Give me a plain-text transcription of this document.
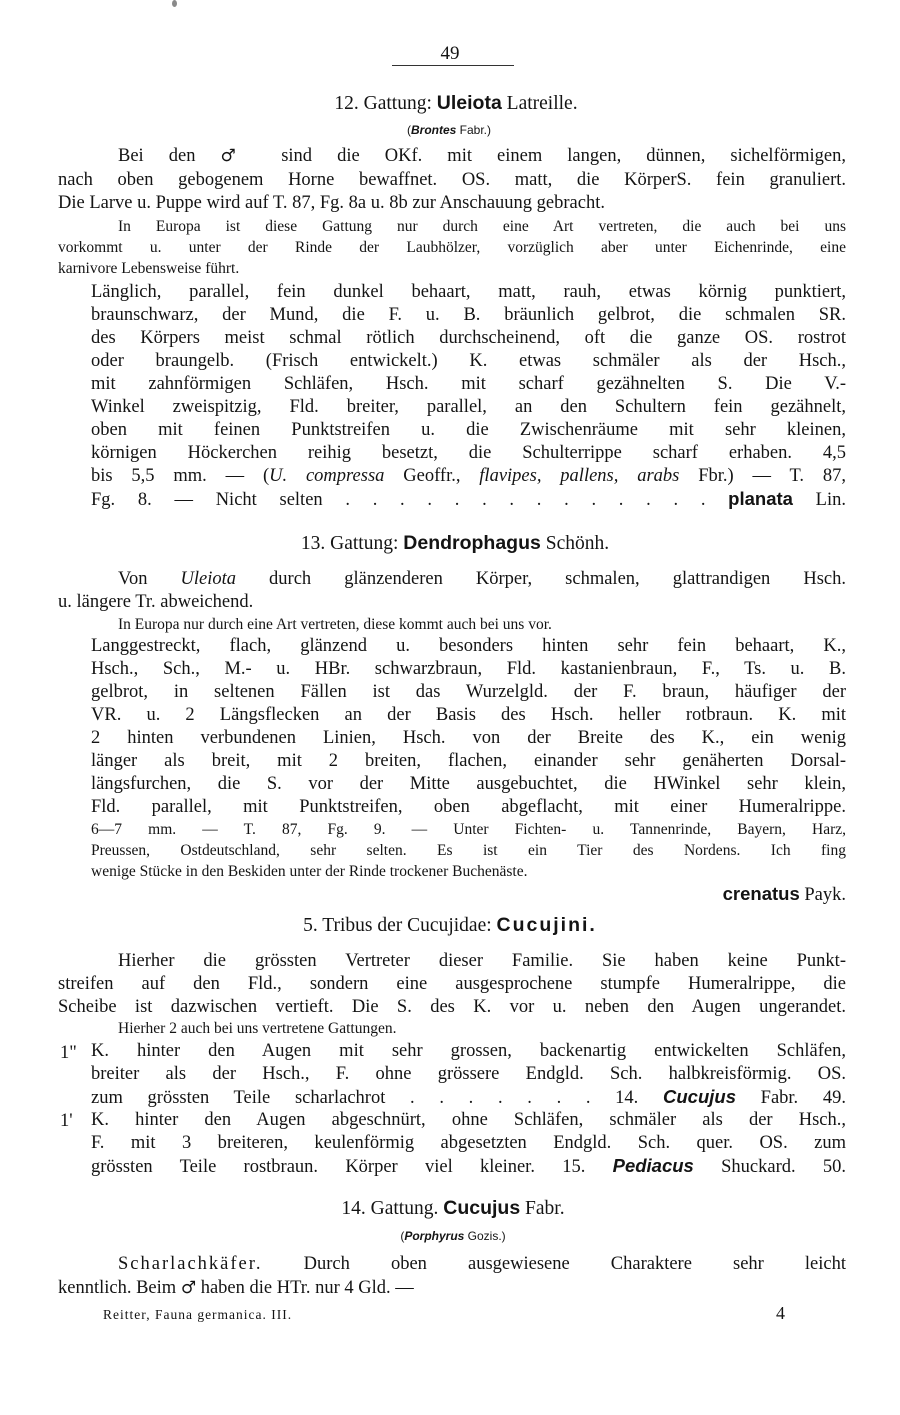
49
12. Gattung: Uleiota Latreille.
(Brontes Fabr.)
Bei den ♂ sind die OKf. mit einem langen, dünnen, sichelförmigen,
nach oben gebogenem Horne bewaffnet. OS. matt, die KörperS. fein granuliert.
Die Larve u. Puppe wird auf T. 87, Fg. 8a u. 8b zur Anschauung gebracht.
In Europa ist diese Gattung nur durch eine Art vertreten, die auch bei uns
vorkommt u. unter der Rinde der Laubhölzer, vorzüglich aber unter Eichenrinde, eine
karnivore Lebensweise führt.
Länglich, parallel, fein dunkel behaart, matt, rauh, etwas körnig punktiert,
braunschwarz, der Mund, die F. u. B. bräunlich gelbrot, die schmalen SR.
des Körpers meist schmal rötlich durchscheinend, oft die ganze OS. rostrot
oder braungelb. (Frisch entwickelt.) K. etwas schmäler als der Hsch.,
mit zahnförmigen Schläfen, Hsch. mit scharf gezähnelten S. Die V.-
Winkel zweispitzig, Fld. breiter, parallel, an den Schultern fein gezähnelt,
oben mit feinen Punktstreifen u. die Zwischenräume mit sehr kleinen,
körnigen Höckerchen reihig besetzt, die Schulterrippe scharf erhaben. 4,5
bis 5,5 mm. — (U. compressa Geoffr., flavipes, pallens, arabs Fbr.) — T. 87,
Fg. 8. — Nicht selten . . . . . . . . . . . . . . planata Lin.
13. Gattung: Dendrophagus Schönh.
Von Uleiota durch glänzenderen Körper, schmalen, glattrandigen Hsch.
u. längere Tr. abweichend.
In Europa nur durch eine Art vertreten, diese kommt auch bei uns vor.
Langgestreckt, flach, glänzend u. besonders hinten sehr fein behaart, K.,
Hsch., Sch., M.- u. HBr. schwarzbraun, Fld. kastanienbraun, F., Ts. u. B.
gelbrot, in seltenen Fällen ist das Wurzelgld. der F. braun, häufiger der
VR. u. 2 Längsflecken an der Basis des Hsch. heller rotbraun. K. mit
2 hinten verbundenen Linien, Hsch. von der Breite des K., ein wenig
länger als breit, mit 2 breiten, flachen, einander sehr genäherten Dorsal-
längsfurchen, die S. vor der Mitte ausgebuchtet, die HWinkel sehr klein,
Fld. parallel, mit Punktstreifen, oben abgeflacht, mit einer Humeralrippe.
6—7 mm. — T. 87, Fg. 9. — Unter Fichten- u. Tannenrinde, Bayern, Harz,
Preussen, Ostdeutschland, sehr selten. Es ist ein Tier des Nordens. Ich fing
wenige Stücke in den Beskiden unter der Rinde trockener Buchenäste.
crenatus Payk.
5. Tribus der Cucujidae: Cucujini.
Hierher die grössten Vertreter dieser Familie. Sie haben keine Punkt-
streifen auf den Fld., sondern eine ausgesprochene stumpfe Humeralrippe, die
Scheibe ist dazwischen vertieft. Die S. des K. vor u. neben den Augen ungerandet.
Hierher 2 auch bei uns vertretene Gattungen.
1" K. hinter den Augen mit sehr grossen, backenartig entwickelten Schläfen,
breiter als der Hsch., F. ohne grössere Endgld. Sch. halbkreisförmig. OS.
zum grössten Teile scharlachrot . . . . . . . 14. Cucujus Fabr. 49.
1' K. hinter den Augen abgeschnürt, ohne Schläfen, schmäler als der Hsch.,
F. mit 3 breiteren, keulenförmig abgesetzten Endgld. Sch. quer. OS. zum
grössten Teile rostbraun. Körper viel kleiner. 15. Pediacus Shuckard. 50.
14. Gattung. Cucujus Fabr.
(Porphyrus Gozis.)
Scharlachkäfer. Durch oben ausgewiesene Charaktere sehr leicht
kenntlich. Beim ♂ haben die HTr. nur 4 Gld. —
Reitter, Fauna germanica. III.	4
